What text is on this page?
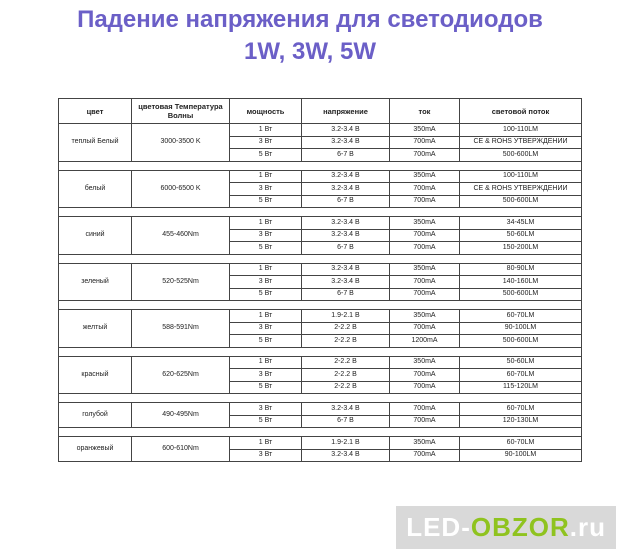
Падение напряжения для светодиодов
1W, 3W, 5W
цвет	цветовая Температура Волны	мощность	напряжение	ток	световой поток
теплый Белый	3000-3500 K	1 Вт	3.2-3.4 В	350mA	100-110LM
		3 Вт	3.2-3.4 В	700mA	CE & ROHS УТВЕРЖДЕНИИ
		5 Вт	6-7 В	700mA	500-600LM

белый	6000-6500 K	1 Вт	3.2-3.4 В	350mA	100-110LM
		3 Вт	3.2-3.4 В	700mA	CE & ROHS УТВЕРЖДЕНИИ
		5 Вт	6-7 В	700mA	500-600LM

синий	455-460Nm	1 Вт	3.2-3.4 В	350mA	34-45LM
		3 Вт	3.2-3.4 В	700mA	50-60LM
		5 Вт	6-7 В	700mA	150-200LM

зеленый	520-525Nm	1 Вт	3.2-3.4 В	350mA	80-90LM
		3 Вт	3.2-3.4 В	700mA	140-160LM
		5 Вт	6-7 В	700mA	500-600LM

желтый	588-591Nm	1 Вт	1.9-2.1 В	350mA	60-70LM
		3 Вт	2-2.2 В	700mA	90-100LM
		5 Вт	2-2.2 В	1200mA	500-600LM

красный	620-625Nm	1 Вт	2-2.2 В	350mA	50-60LM
		3 Вт	2-2.2 В	700mA	60-70LM
		5 Вт	2-2.2 В	700mA	115-120LM

голубой	490-495Nm	3 Вт	3.2-3.4 В	700mA	60-70LM
		5 Вт	6-7 В	700mA	120-130LM

оранжевый	600-610Nm	1 Вт	1.9-2.1 В	350mA	60-70LM
		3 Вт	3.2-3.4 В	700mA	90-100LM
LED-OBZOR.ru
